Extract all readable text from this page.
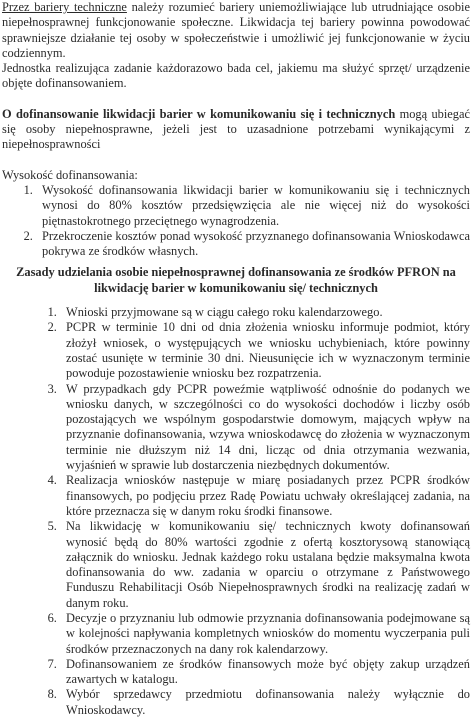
Przez bariery techniczne należy rozumieć bariery uniemożliwiające lub utrudniające osobie niepełnosprawnej funkcjonowanie społeczne. Likwidacja tej bariery powinna powodować sprawniejsze działanie tej osoby w społeczeństwie i umożliwić jej funkcjonowanie w życiu codziennym.

Jednostka realizująca zadanie każdorazowo bada cel, jakiemu ma służyć sprzęt/ urządzenie objęte dofinansowaniem.

O dofinansowanie likwidacji barier w komunikowaniu się i technicznych mogą ubiegać się osoby niepełnosprawne, jeżeli jest to uzasadnione potrzebami wynikającymi z niepełnosprawności

Wysokość dofinansowania:

1. Wysokość dofinansowania likwidacji barier w komunikowaniu się i technicznych wynosi do 80% kosztów przedsięwzięcia ale nie więcej niż do wysokości piętnastokrotnego przeciętnego wynagrodzenia.
2. Przekroczenie kosztów ponad wysokość przyznanego dofinansowania Wnioskodawca pokrywa ze środków własnych.
Zasady udzielania osobie niepełnosprawnej dofinansowania ze środków PFRON na likwidację barier w komunikowaniu się/ technicznych
1. Wnioski przyjmowane są w ciągu całego roku kalendarzowego.
2. PCPR w terminie 10 dni od dnia złożenia wniosku informuje podmiot, który złożył wniosek, o występujących we wniosku uchybieniach, które powinny zostać usunięte w terminie 30 dni. Nieusunięcie ich w wyznaczonym terminie powoduje pozostawienie wniosku bez rozpatrzenia.
3. W przypadkach gdy PCPR poweźmie wątpliwość odnośnie do podanych we wniosku danych, w szczególności co do wysokości dochodów i liczby osób pozostających we wspólnym gospodarstwie domowym, mających wpływ na przyznanie dofinansowania, wzywa wnioskodawcę do złożenia w wyznaczonym terminie nie dłuższym niż 14 dni, licząc od dnia otrzymania wezwania, wyjaśnień w sprawie lub dostarczenia niezbędnych dokumentów.
4. Realizacja wniosków następuje w miarę posiadanych przez PCPR środków finansowych, po podjęciu przez Radę Powiatu uchwały określającej zadania, na które przeznacza się w danym roku środki finansowe.
5. Na likwidację w komunikowaniu się/ technicznych kwoty dofinansowań wynosić będą do 80% wartości zgodnie z ofertą kosztorysową stanowiącą załącznik do wniosku. Jednak każdego roku ustalana będzie maksymalna kwota dofinansowania do ww. zadania w oparciu o otrzymane z Państwowego Funduszu Rehabilitacji Osób Niepełnosprawnych środki na realizację zadań w danym roku.
6. Decyzje o przyznaniu lub odmowie przyznania dofinansowania podejmowane są w kolejności napływania kompletnych wniosków do momentu wyczerpania puli środków przeznaczonych na dany rok kalendarzowy.
7. Dofinansowaniem ze środków finansowych może być objęty zakup urządzeń zawartych w katalogu.
8. Wybór sprzedawcy przedmiotu dofinansowania należy wyłącznie do Wnioskodawcy.
